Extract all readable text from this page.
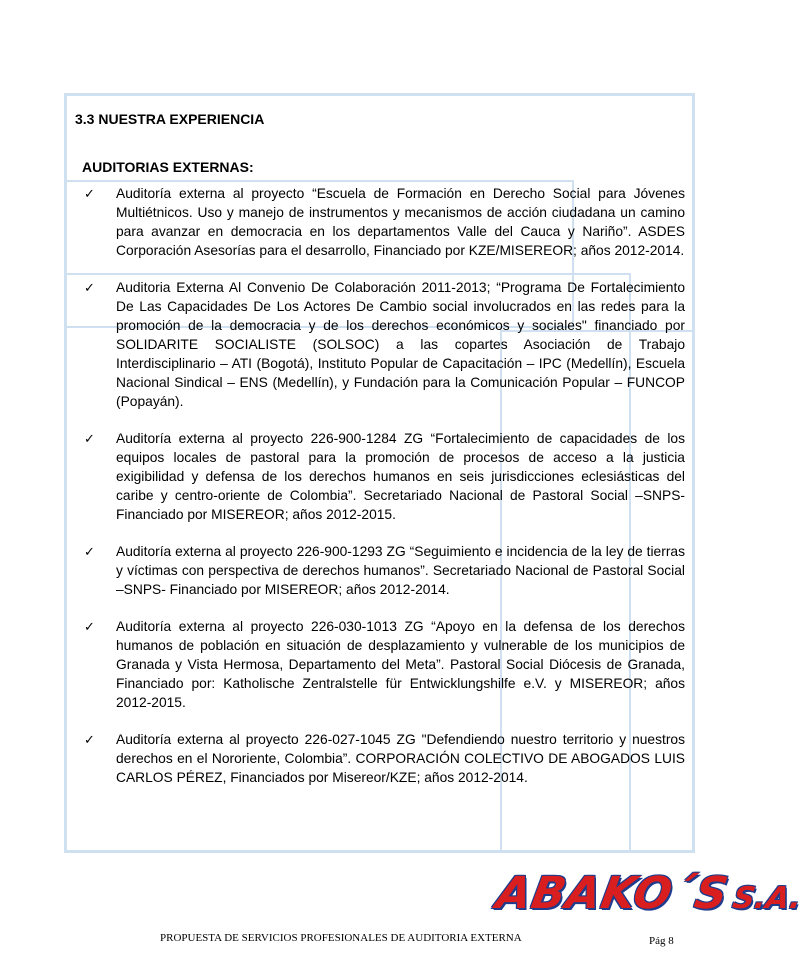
3.3 NUESTRA EXPERIENCIA
AUDITORIAS EXTERNAS:
✓	Auditoría externa al proyecto “Escuela de Formación en Derecho Social para Jóvenes Multiétnicos. Uso y manejo de instrumentos y mecanismos de acción ciudadana un camino para avanzar en democracia en los departamentos Valle del Cauca y Nariño”. ASDES Corporación Asesorías para el desarrollo, Financiado por KZE/MISEREOR; años 2012-2014.

✓	Auditoria Externa Al Convenio De Colaboración 2011-2013; “Programa De Fortalecimiento De Las Capacidades De Los Actores De Cambio social involucrados en las redes para la promoción de la democracia y de los derechos económicos y sociales" financiado por SOLIDARITE SOCIALISTE (SOLSOC) a las copartes Asociación de Trabajo Interdisciplinario – ATI (Bogotá), Instituto Popular de Capacitación – IPC (Medellín), Escuela Nacional Sindical – ENS (Medellín), y Fundación para la Comunicación Popular – FUNCOP (Popayán).

✓	Auditoría externa al proyecto 226-900-1284 ZG “Fortalecimiento de capacidades de los equipos locales de pastoral para la promoción de procesos de acceso a la justicia exigibilidad y defensa de los derechos humanos en seis jurisdicciones eclesiásticas del caribe y centro-oriente de Colombia”. Secretariado Nacional de Pastoral Social –SNPS- Financiado por MISEREOR; años 2012-2015.

✓	Auditoría externa al proyecto 226-900-1293 ZG “Seguimiento e incidencia de la ley de tierras y víctimas con perspectiva de derechos humanos”. Secretariado Nacional de Pastoral Social –SNPS- Financiado por MISEREOR; años 2012-2014.

✓	Auditoría externa al proyecto 226-030-1013 ZG “Apoyo en la defensa de los derechos humanos de población en situación de desplazamiento y vulnerable de los municipios de Granada y Vista Hermosa, Departamento del Meta”. Pastoral Social Diócesis de Granada, Financiado por: Katholische Zentralstelle für Entwicklungshilfe e.V. y MISEREOR; años 2012-2015.

✓	Auditoría externa al proyecto 226-027-1045 ZG "Defendiendo nuestro territorio y nuestros derechos en el Nororiente, Colombia”. CORPORACIÓN COLECTIVO DE ABOGADOS LUIS CARLOS PÉREZ, Financiados por Misereor/KZE; años 2012-2014.

ABAKO´SS.A.
PROPUESTA DE SERVICIOS PROFESIONALES DE AUDITORIA EXTERNA	Pág 8
